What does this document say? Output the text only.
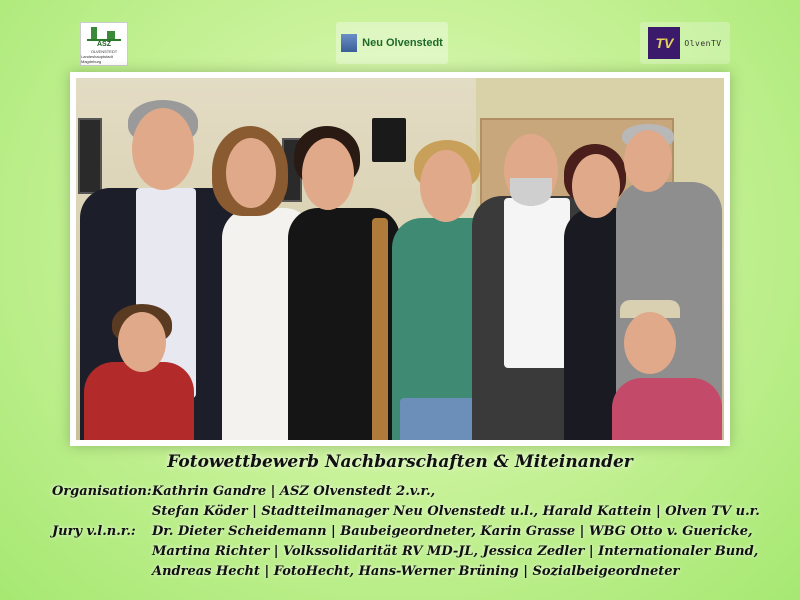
ASZ
OLVENSTEDT
Landeshauptstadt Magdeburg
Neu Olvenstedt	TV	OlvenTV
Fotowettbewerb Nachbarschaften & Miteinander
Organisation: Kathrin Gandre | ASZ Olvenstedt 2.v.r.,
Stefan Köder | Stadtteilmanager Neu Olvenstedt u.l., Harald Kattein | Olven TV u.r.
Jury v.l.n.r.: Dr. Dieter Scheidemann | Baubeigeordneter, Karin Grasse | WBG Otto v. Guericke,
Martina Richter | Volkssolidarität RV MD-JL, Jessica Zedler | Internationaler Bund,
Andreas Hecht | FotoHecht, Hans-Werner Brüning | Sozialbeigeordneter
